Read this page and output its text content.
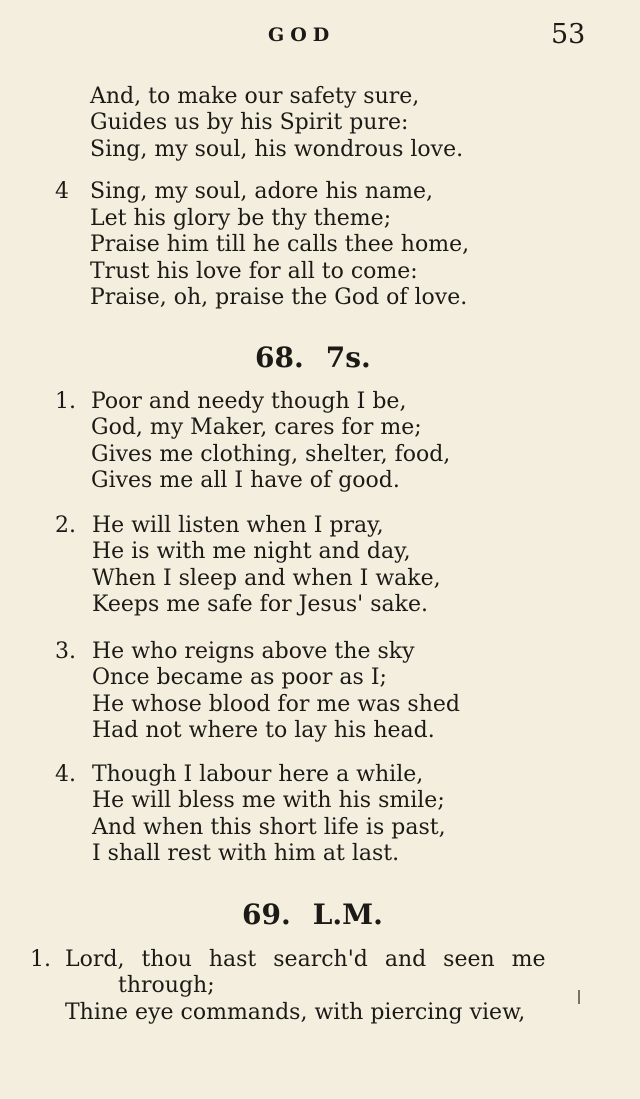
GOD	53
And, to make our safety sure,
Guides us by his Spirit pure:
Sing, my soul, his wondrous love.
4 Sing, my soul, adore his name,
Let his glory be thy theme;
Praise him till he calls thee home,
Trust his love for all to come:
Praise, oh, praise the God of love.
68. 7s.
1. Poor and needy though I be,
God, my Maker, cares for me;
Gives me clothing, shelter, food,
Gives me all I have of good.
2. He will listen when I pray,
He is with me night and day,
When I sleep and when I wake,
Keeps me safe for Jesus' sake.
3. He who reigns above the sky
Once became as poor as I;
He whose blood for me was shed
Had not where to lay his head.
4. Though I labour here a while,
He will bless me with his smile;
And when this short life is past,
I shall rest with him at last.
69. L.M.
1. Lord, thou hast search'd and seen me
through;
Thine eye commands, with piercing view,
